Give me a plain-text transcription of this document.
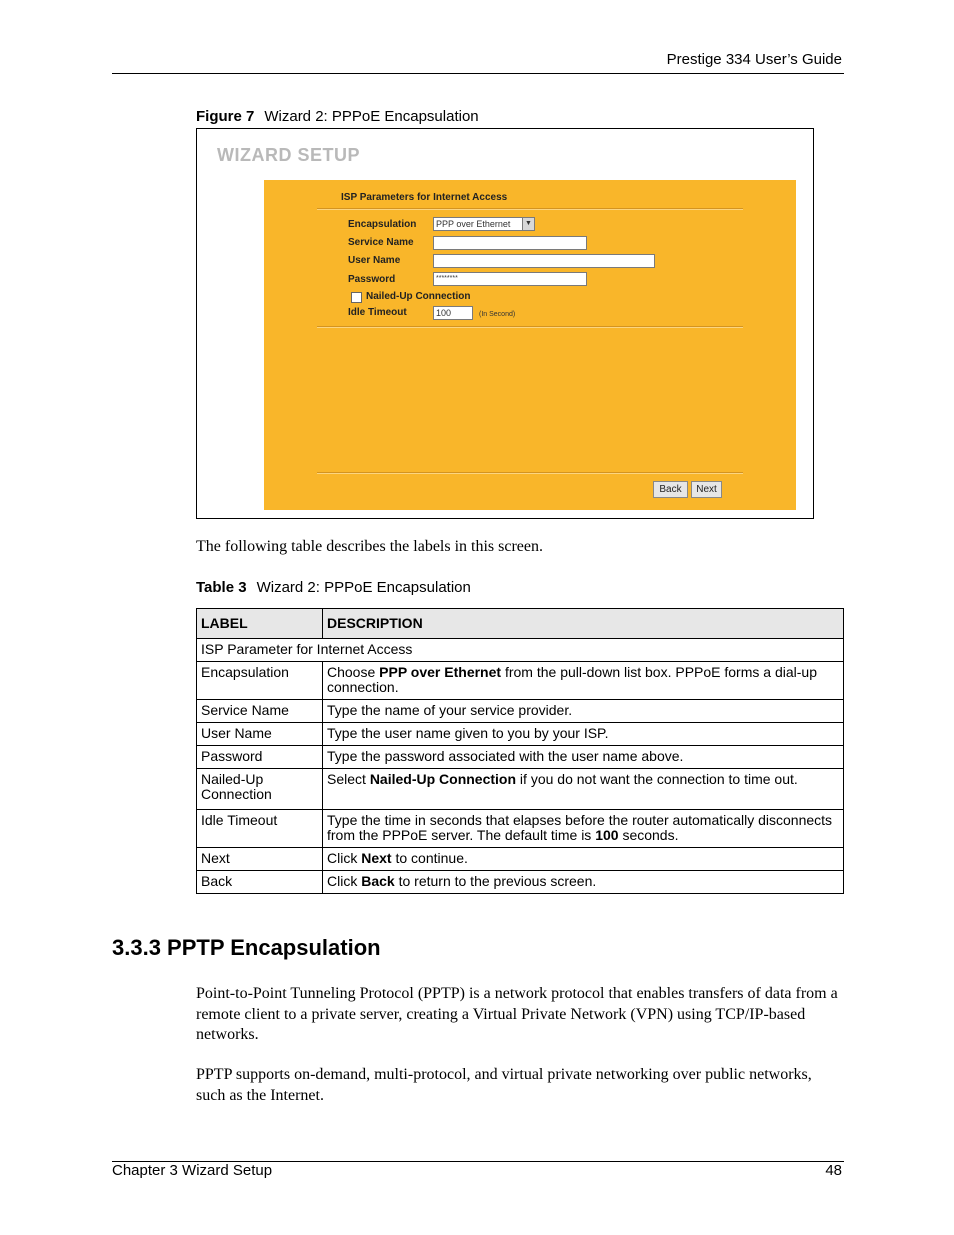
Prestige 334 User’s Guide
Figure 7 Wizard 2: PPPoE Encapsulation
WIZARD SETUP
ISP Parameters for Internet Access
Encapsulation	PPP over Ethernet	▼
Service Name
User Name
Password	********
Nailed-Up Connection
Idle Timeout	100	(In Second)
Back	Next
The following table describes the labels in this screen.
Table 3 Wizard 2: PPPoE Encapsulation
LABEL	DESCRIPTION
ISP Parameter for Internet Access	
Encapsulation	Choose PPP over Ethernet from the pull-down list box. PPPoE forms a dial-up connection.
Service Name	Type the name of your service provider.
User Name	Type the user name given to you by your ISP.
Password	Type the password associated with the user name above.
Nailed-Up Connection	Select Nailed-Up Connection if you do not want the connection to time out.
Idle Timeout	Type the time in seconds that elapses before the router automatically disconnects from the PPPoE server. The default time is 100 seconds.
Next	Click Next to continue.
Back	Click Back to return to the previous screen.
3.3.3 PPTP Encapsulation
Point-to-Point Tunneling Protocol (PPTP) is a network protocol that enables transfers of data from a remote client to a private server, creating a Virtual Private Network (VPN) using TCP/IP-based networks.
PPTP supports on-demand, multi-protocol, and virtual private networking over public networks, such as the Internet.
Chapter 3 Wizard Setup	48
